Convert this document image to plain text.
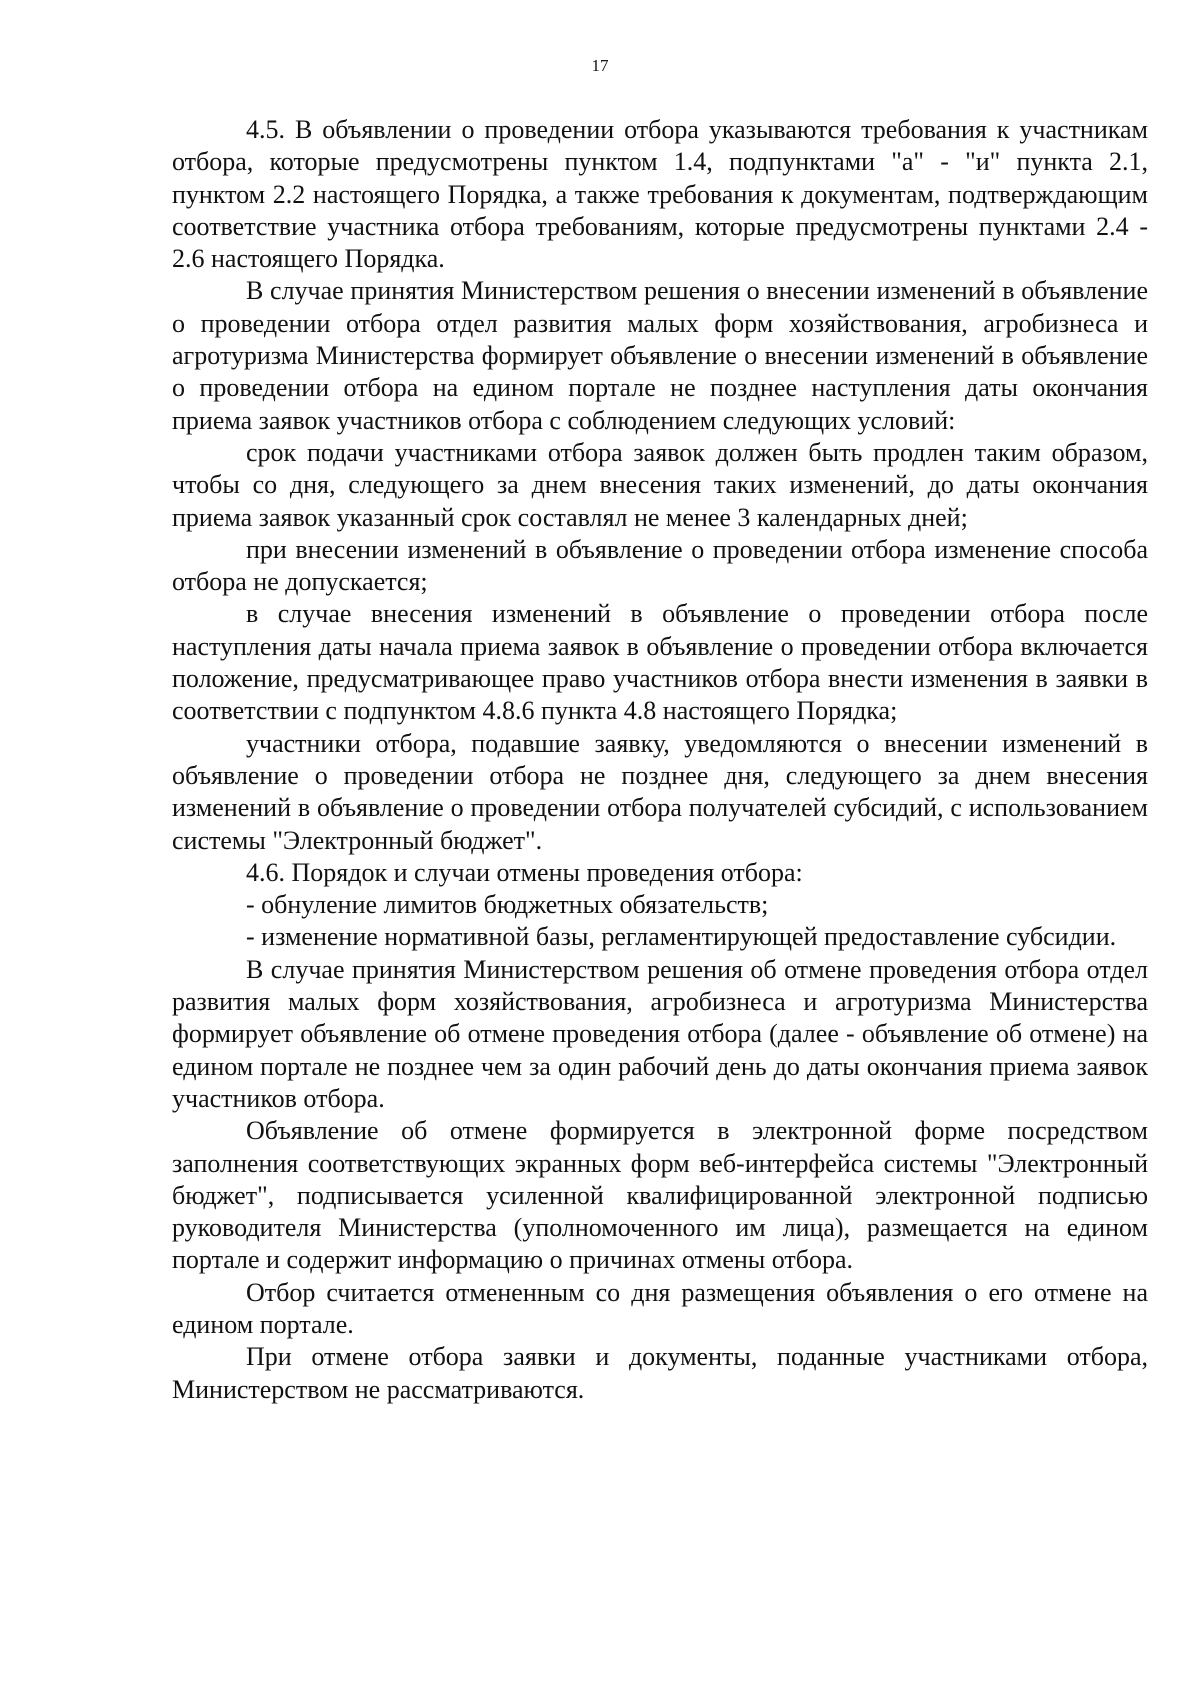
17

4.5. В объявлении о проведении отбора указываются требования к участникам отбора, которые предусмотрены пунктом 1.4, подпунктами "а" - "и" пункта 2.1, пунктом 2.2 настоящего Порядка, а также требования к документам, подтверждающим соответствие участника отбора требованиям, которые предусмотрены пунктами 2.4 - 2.6 настоящего Порядка.

В случае принятия Министерством решения о внесении изменений в объявление о проведении отбора отдел развития малых форм хозяйствования, агробизнеса и агротуризма Министерства формирует объявление о внесении изменений в объявление о проведении отбора на едином портале не позднее наступления даты окончания приема заявок участников отбора с соблюдением следующих условий:

срок подачи участниками отбора заявок должен быть продлен таким образом, чтобы со дня, следующего за днем внесения таких изменений, до даты окончания приема заявок указанный срок составлял не менее 3 календарных дней;

при внесении изменений в объявление о проведении отбора изменение способа отбора не допускается;

в случае внесения изменений в объявление о проведении отбора после наступления даты начала приема заявок в объявление о проведении отбора включается положение, предусматривающее право участников отбора внести изменения в заявки в соответствии с подпунктом 4.8.6 пункта 4.8 настоящего Порядка;

участники отбора, подавшие заявку, уведомляются о внесении изменений в объявление о проведении отбора не позднее дня, следующего за днем внесения изменений в объявление о проведении отбора получателей субсидий, с использованием системы "Электронный бюджет".

4.6. Порядок и случаи отмены проведения отбора:

- обнуление лимитов бюджетных обязательств;

- изменение нормативной базы, регламентирующей предоставление субсидии.

В случае принятия Министерством решения об отмене проведения отбора отдел развития малых форм хозяйствования, агробизнеса и агротуризма Министерства формирует объявление об отмене проведения отбора (далее - объявление об отмене) на едином портале не позднее чем за один рабочий день до даты окончания приема заявок участников отбора.

Объявление об отмене формируется в электронной форме посредством заполнения соответствующих экранных форм веб-интерфейса системы "Электронный бюджет", подписывается усиленной квалифицированной электронной подписью руководителя Министерства (уполномоченного им лица), размещается на едином портале и содержит информацию о причинах отмены отбора.

Отбор считается отмененным со дня размещения объявления о его отмене на едином портале.

При отмене отбора заявки и документы, поданные участниками отбора, Министерством не рассматриваются.
